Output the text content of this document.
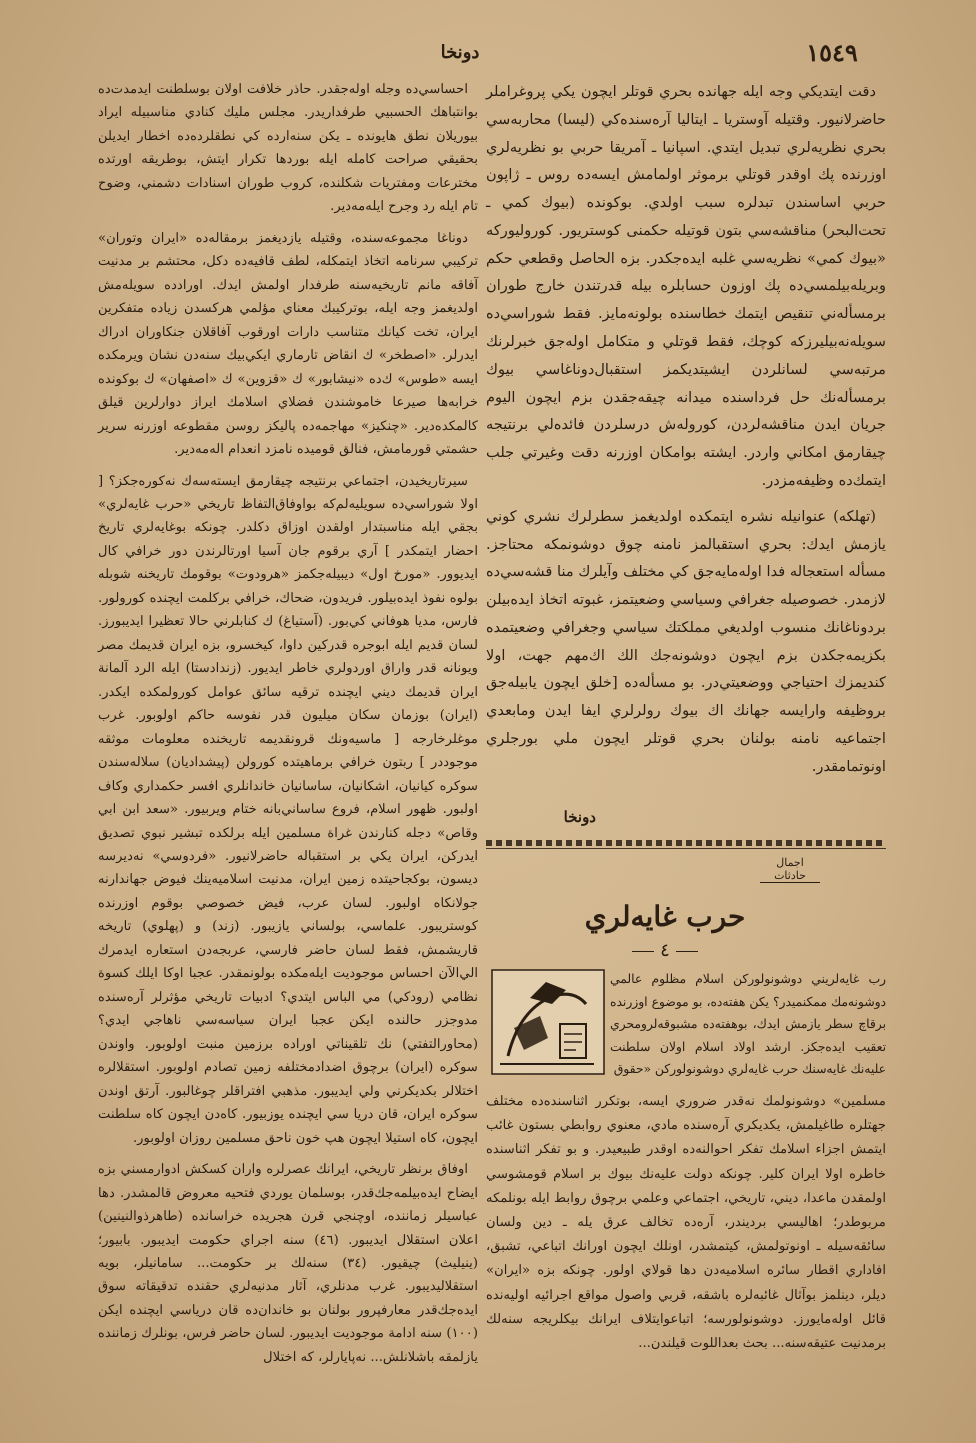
١٥٤٩
دونخا

دقت ايتديكي وجه ايله جهانده بحري قوتلر ايچون يكي پروغراملر حاضرلانيور. وقتيله آوستريا ـ ايتاليا آره‌سنده‌كي (ليسا) محاربه‌سي بحري نظريه‌لري تبديل ايتدي. اسپانيا ـ آمريقا حربي بو نظريه‌لري اوزرنده پك اوقدر قوتلي برموثر اولمامش ايسه‌ده روس ـ ژاپون حربي اساسندن تبدلره سبب اولدي. بوكونده (بيوك كمي ـ تحت‌البحر) مناقشه‌سي بتون قوتيله حكمنى كوستريور. كوروليوركه «بيوك كمي» نظريه‌سي غلبه ايده‌جكدر. بزه الحاصل وقطعي حكم وبريله‌بيلمسي‌ده پك اوزون حسابلره بيله قدرتندن خارج طوران برمسأله‌ني تنقيص ايتمك خطاسنده بولونه‌مايز. فقط شوراسي‌ده سويله‌نه‌بيليرزكه كوچك، فقط قوتلي و متكامل اوله‌جق خبرلرنك مرتبه‌سي لسانلردن ايشيتديكمز استقبال‌دوناغاسي بيوك برمسأله‌نك حل فرداسنده ميدانه چيقه‌جقدن بزم ايچون اليوم جريان ايدن مناقشه‌لردن، كوروله‌ش درسلردن فائده‌لي برنتيجه چيقارمق امكاني واردر. ايشته بوامكان اوزرنه دقت وغيرتي جلب ايتمك‌ده وظيفه‌مزدر.

(تهلكه) عنوانيله نشره ايتمكده اولديغمز سطرلرك نشري كوني يازمش ايدك: بحري استقبالمز نامنه چوق دوشونمكه محتاجز. مسأله استعجاله فدا اوله‌مايه‌جق كي مختلف وآيلرك منا قشه‌سي‌ده لازمدر. خصوصيله جغرافي وسياسي وضعيتمز، غبوته اتخاذ ايده‌بيلن بردوناغانك منسوب اولديغي مملكتك سياسي وجغرافي وضعيتمده بكزيمه‌جكدن بزم ايچون دوشونه‌جك الك اك‌مهم جهت، اولا كنديمزك احتياجي ووضعيتي‌در. بو مسأله‌ده [خلق ايچون يابيله‌جق بروظيفه وارايسه جهانك اك بيوك رولرلري ايفا ايدن ومابعدي اجتماعيه نامنه بولنان بحري قوتلر ايچون ملي بورجلري اونوتمامقدر.

دونخا
اجمال حادثات
حرب غايه‌لري
٤

رب غايه‌لريني دوشونولوركن اسلام مظلوم عالمي دوشونه‌مك ممكنميدر؟ يكن هفته‌ده، بو موضوع اوزرنده برقاچ سطر يازمش ايدك، بوهفته‌ده مشبوقه‌لرومحري تعقيب ايده‌جكز. ارشد اولاد اسلام اولان سلطنت عليه‌نك غايه‌سنك حرب غايه‌لري دوشونولوركن «حقوق

مسلمين» دوشونولمك نه‌قدر ضروري ايسه، بوتكرر اثناسنده‌ده مختلف جهتلره طاغيلمش، يكديكري آره‌سنده مادي، معنوي روابطي بستون غائب ايتمش اجزاء اسلامك تفكر احوالنه‌ده اوقدر طبيعيدر. و بو تفكر اثناسنده خاطره اولا ايران كلير. چونكه دولت عليه‌نك بيوك بر اسلام قومشوسي اولمقدن ماعدا، ديني، تاريخي، اجتماعي وعلمي برچوق روابط ايله بونلمكه مربوطدر؛ اهاليسي برديندر، آره‌ده تخالف عرق يله ـ دين ولسان سائقه‌سيله ـ اونوتولمش، كيتمشدر، اونلك ايچون اورانك اتباعي، تشبق، افاداري اقطار سائره اسلاميه‌دن دها قولاي اولور. چونكه بزه «ايران» ديلر، دينلمز بوآثال غائبه‌لره ‌باشقه، قربي واصول مواقع اجرائيه اوليه‌نده قائل اوله‌مايورز. دوشونولورسه؛ اتباعوايتلاف ايرانك بيكلريجه سنه‌لك برمدنيت عتيقه‌سنه... بحث بعداللوت قيلندن...

احساسي‌ده وجله اوله‌جقدر. حاذر خلافت اولان بوسلطنت ايدمدت‌ده بوانتباهك الحسبيي طرفداريدر. مجلس مليك كنادي مناسبيله ايراد بيوريلان نطق هايونده ـ يكن سنه‌ارده كي نطقلرده‌ده اخطار ايديلن بحقيقي صراحت كامله ايله بوردها تكرار ايتش، بوطريقه اورتده مخترعات ومفتريات شكلنده، كروب طوران اسنادات دشمني، وضوح تام ايله رد وجرح ايله‌مه‌دير.

دوناغا مجموعه‌سنده، وقتيله يازديغمز برمقاله‌ده «ايران وتوران» تركيبي سرنامه اتخاذ ايتمكله، لطف قافيه‌ده دكل، محتشم بر مدنيت آفاقه مانم تاريخيه‌سنه طرفدار اولمش ايدك. اورادده سويله‌مش اولديغمز وجه ايله، بوتركيبك معناي مؤلمي هركسدن زياده متفكرين ايران، تخت كيانك متناسب دارات اورقوب آفاقلان جنكاوران ادراك ايدرلر. «اصطخر» ك انقاض تارماري ايكي‌بيك سنه‌دن نشان ويرمكده ايسه «طوس» ك‌ده «نيشابور» ك «قزوين» ك «اصفهان» ك بوكونده خرابه‌ها صيرعا خاموشندن فضلاي اسلامك ايراز دوارلرين قيلق كالمكده‌دير. «چنكيز» مهاجمه‌ده پاليكز روسن مقطوعه اوزرنه سرير حشمتي قورمامش، فنالق قوميده نامزد انعدام اله‌مه‌دير.

سيرتاريخيدن، اجتماعي برنتيجه چيقارمق ايسته‌سه‌ك نه‌كوره‌جكز؟ [ اولا شوراسي‌ده سويليه‌لم‌كه بواوفاق‌التفاظ تاريخي «حرب غايه‌لري» بجقي ايله مناسبتدار اولقدن اوزاق دكلدر. چونكه بوغايه‌لري تاريخ احضار ايتمكدر ] آري برقوم جان آسيا اورتالرندن دور خرافي كال ايديوور. «مورخ اول» ديبيله‌جكمز «هرودوت» بوقومك تاريخنه شوبله بولوه نفوذ ايده‌بيلور. فريدون، ضحاك، خرافي بركلمت ايچنده كورولور. فارس، مديا هوفاني كي‌بور. (آستياغ) ك كنابلرني حالا تعظيرا ايديبورز. لسان قديم ايله ابوجره قدركين داوا، كيخسرو، بزه ايران قديمك مصر ويونانه قدر واراق اوردولري خاطر ايديور. (زندادستا) ايله الرد آلمانة ايران قديمك ديني ايچنده ترقيه سائق عوامل كورولمكده ايكدر. (ايران) بوزمان سكان ميليون قدر نفوسه حاكم اولوبور. غرب موغلرخارجه [ ماسيه‌ونك قرونقديمه تاريخنده معلومات موثقه موجوددر ] ربتون خرافي برماهيتده كورولن (پيشداديان) سلاله‌سندن سوكره كيانيان، اشكانيان، ساسانيان خاندانلري افسر حكمداري وكاف اولبور. ظهور اسلام، فروع ساساني‌بانه ختام ويربيور. «سعد ابن ابي وقاص» دجله كنارندن غراة مسلمين ايله برلكده تبشير نبوي تصديق ايدركن، ايران يكي بر استقباله حاضرلانيور. «فردوسي» نه‌ديرسه ديسون، بوكجاحيتده زمين ايران، مدنيت اسلاميه‌ينك فيوض جهاندارنه جولانكاه اولبور. لسان عرب، فيض خصوصي بوقوم اوزرنده كوستريبور. علماسي، بولساني يازيبور. (زند) و (پهلوي) تاريخه قاريشمش، فقط لسان حاضر فارسي، عربجه‌دن استعاره ايدمرك الي‌الآن احساس موجوديت ايله‌مكده بولونمقدر. عجبا اوكا ايلك كسوة نظامي (رودكي) مي الباس ايتدي؟ ادبيات تاريخي مؤثرلر آره‌سنده مدوجزر حالنده ايكن عجبا ايران سياسه‌سي ناهاجي ايدي؟ (محاورالتفتي) نك تلقيناتي اوراده برزمين منبت اولوبور. واوندن سوكره (ايران) برچوق اضدادمختلفه زمين تصادم اولوبور. استقلالره اختلالر بكديكرني ولي ايديبور. مذهبي افتراقلر چوغالبور. آرتق اوندن سوكره ايران، قان دريا سي ايچنده يوزبيور. كاه‌دن ايچون كاه سلطنت ايچون، كاه استيلا ايچون هپ خون ناحق مسلمين روزان اولوبور.

اوفاق برنظر تاريخي، ايرانك عصرلره واران كسكش ادوارمسني بزه ايضاح ايده‌بيلمه‌جك‌قدر، بوسلمان يوردي فتحيه معروض قالمشدر. دها عباسيلر زماننده، اوچنجي قرن هجريده خراسانده (طاهرذوالنينين) اعلان استقلال ايديبور. (٤٦) سنه اجراي حكومت ايديبور. بابيور؛ (ينيليث) چيقيور. (٣٤) سنه‌لك بر حكومت... سامانيلر، بويه استقلاليديبور. غرب مدنلري، آثار مدنيه‌لري حقنده تدقيقاته سوق ايده‌جك‌قدر معارفپرور بولنان بو خاندان‌ده قان درياسي ايچنده ايكن (١٠٠) سنه ادامة موجوديت ايديبور. لسان حاضر فرس، بونلرك زماننده يازلمقه باشلانلش... نه‌پايارلر، كه اختلال
